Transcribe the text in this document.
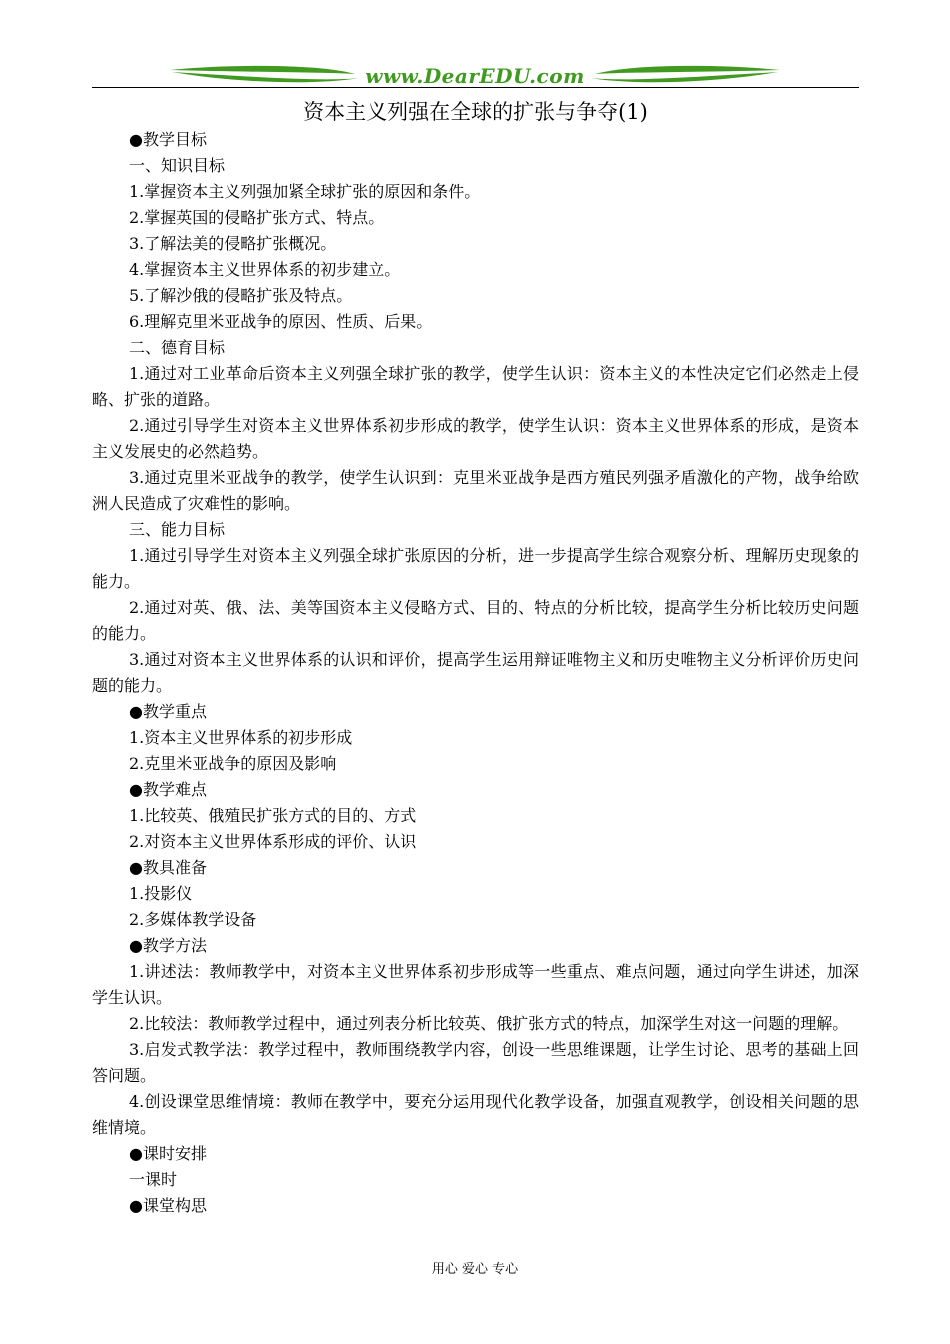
www.DearEDU.com
资本主义列强在全球的扩张与争夺(1)

●教学目标

一、知识目标

1.掌握资本主义列强加紧全球扩张的原因和条件。

2.掌握英国的侵略扩张方式、特点。

3.了解法美的侵略扩张概况。

4.掌握资本主义世界体系的初步建立。

5.了解沙俄的侵略扩张及特点。

6.理解克里米亚战争的原因、性质、后果。

二、德育目标

1.通过对工业革命后资本主义列强全球扩张的教学，使学生认识：资本主义的本性决定它们必然走上侵略、扩张的道路。

2.通过引导学生对资本主义世界体系初步形成的教学，使学生认识：资本主义世界体系的形成，是资本主义发展史的必然趋势。

3.通过克里米亚战争的教学，使学生认识到：克里米亚战争是西方殖民列强矛盾激化的产物，战争给欧洲人民造成了灾难性的影响。

三、能力目标

1.通过引导学生对资本主义列强全球扩张原因的分析，进一步提高学生综合观察分析、理解历史现象的能力。

2.通过对英、俄、法、美等国资本主义侵略方式、目的、特点的分析比较，提高学生分析比较历史问题的能力。

3.通过对资本主义世界体系的认识和评价，提高学生运用辩证唯物主义和历史唯物主义分析评价历史问题的能力。

●教学重点

1.资本主义世界体系的初步形成

2.克里米亚战争的原因及影响

●教学难点

1.比较英、俄殖民扩张方式的目的、方式

2.对资本主义世界体系形成的评价、认识

●教具准备

1.投影仪

2.多媒体教学设备

●教学方法

1.讲述法：教师教学中，对资本主义世界体系初步形成等一些重点、难点问题，通过向学生讲述，加深学生认识。

2.比较法：教师教学过程中，通过列表分析比较英、俄扩张方式的特点，加深学生对这一问题的理解。

3.启发式教学法：教学过程中，教师围绕教学内容，创设一些思维课题，让学生讨论、思考的基础上回答问题。

4.创设课堂思维情境：教师在教学中，要充分运用现代化教学设备，加强直观教学，创设相关问题的思维情境。

●课时安排

一课时

●课堂构思

用心 爱心 专心
